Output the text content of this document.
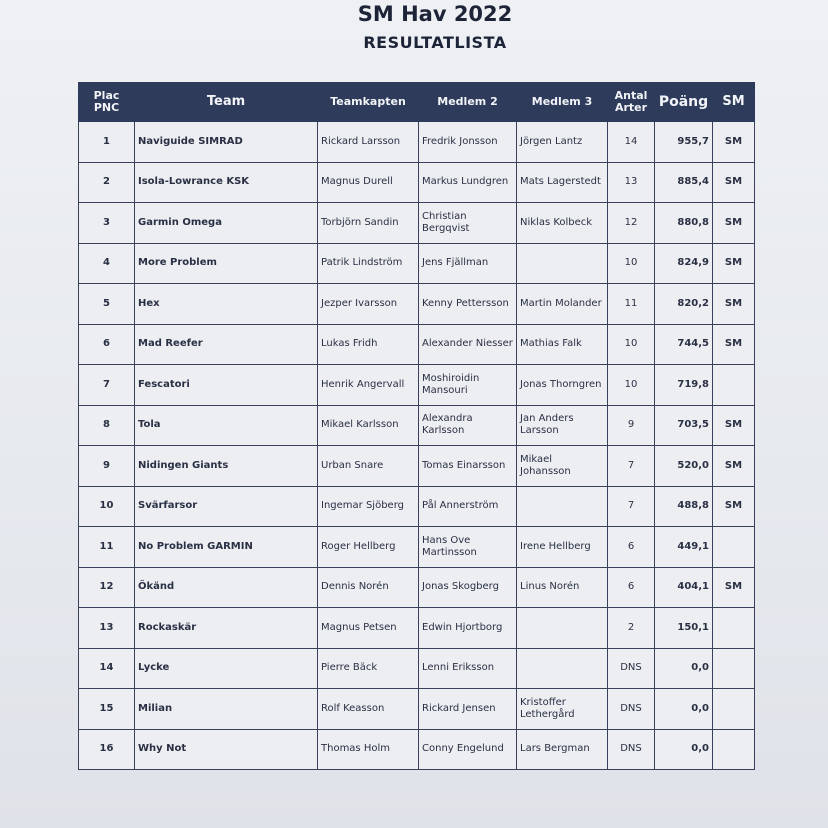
SM Hav 2022
RESULTATLISTA
Plac PNC	Team	Teamkapten	Medlem 2	Medlem 3	Antal Arter	Poäng	SM
1	Naviguide SIMRAD	Rickard Larsson	Fredrik Jonsson	Jörgen Lantz	14	955,7	SM
2	Isola-Lowrance KSK	Magnus Durell	Markus Lundgren	Mats Lagerstedt	13	885,4	SM
3	Garmin Omega	Torbjörn Sandin	Christian Bergqvist	Niklas Kolbeck	12	880,8	SM
4	More Problem	Patrik Lindström	Jens Fjällman		10	824,9	SM
5	Hex	Jezper Ivarsson	Kenny Pettersson	Martin Molander	11	820,2	SM
6	Mad Reefer	Lukas Fridh	Alexander Niesser	Mathias Falk	10	744,5	SM
7	Fescatori	Henrik Angervall	Moshiroidin Mansouri	Jonas Thorngren	10	719,8	
8	Tola	Mikael Karlsson	Alexandra Karlsson	Jan Anders Larsson	9	703,5	SM
9	Nidingen Giants	Urban Snare	Tomas Einarsson	Mikael Johansson	7	520,0	SM
10	Svärfarsor	Ingemar Sjöberg	Pål Annerström		7	488,8	SM
11	No Problem GARMIN	Roger Hellberg	Hans Ove Martinsson	Irene Hellberg	6	449,1	
12	Ökänd	Dennis Norén	Jonas Skogberg	Linus Norén	6	404,1	SM
13	Rockaskär	Magnus Petsen	Edwin Hjortborg		2	150,1	
14	Lycke	Pierre Bäck	Lenni Eriksson		DNS	0,0	
15	Milian	Rolf Keasson	Rickard Jensen	Kristoffer Lethergård	DNS	0,0	
16	Why Not	Thomas Holm	Conny Engelund	Lars Bergman	DNS	0,0	
